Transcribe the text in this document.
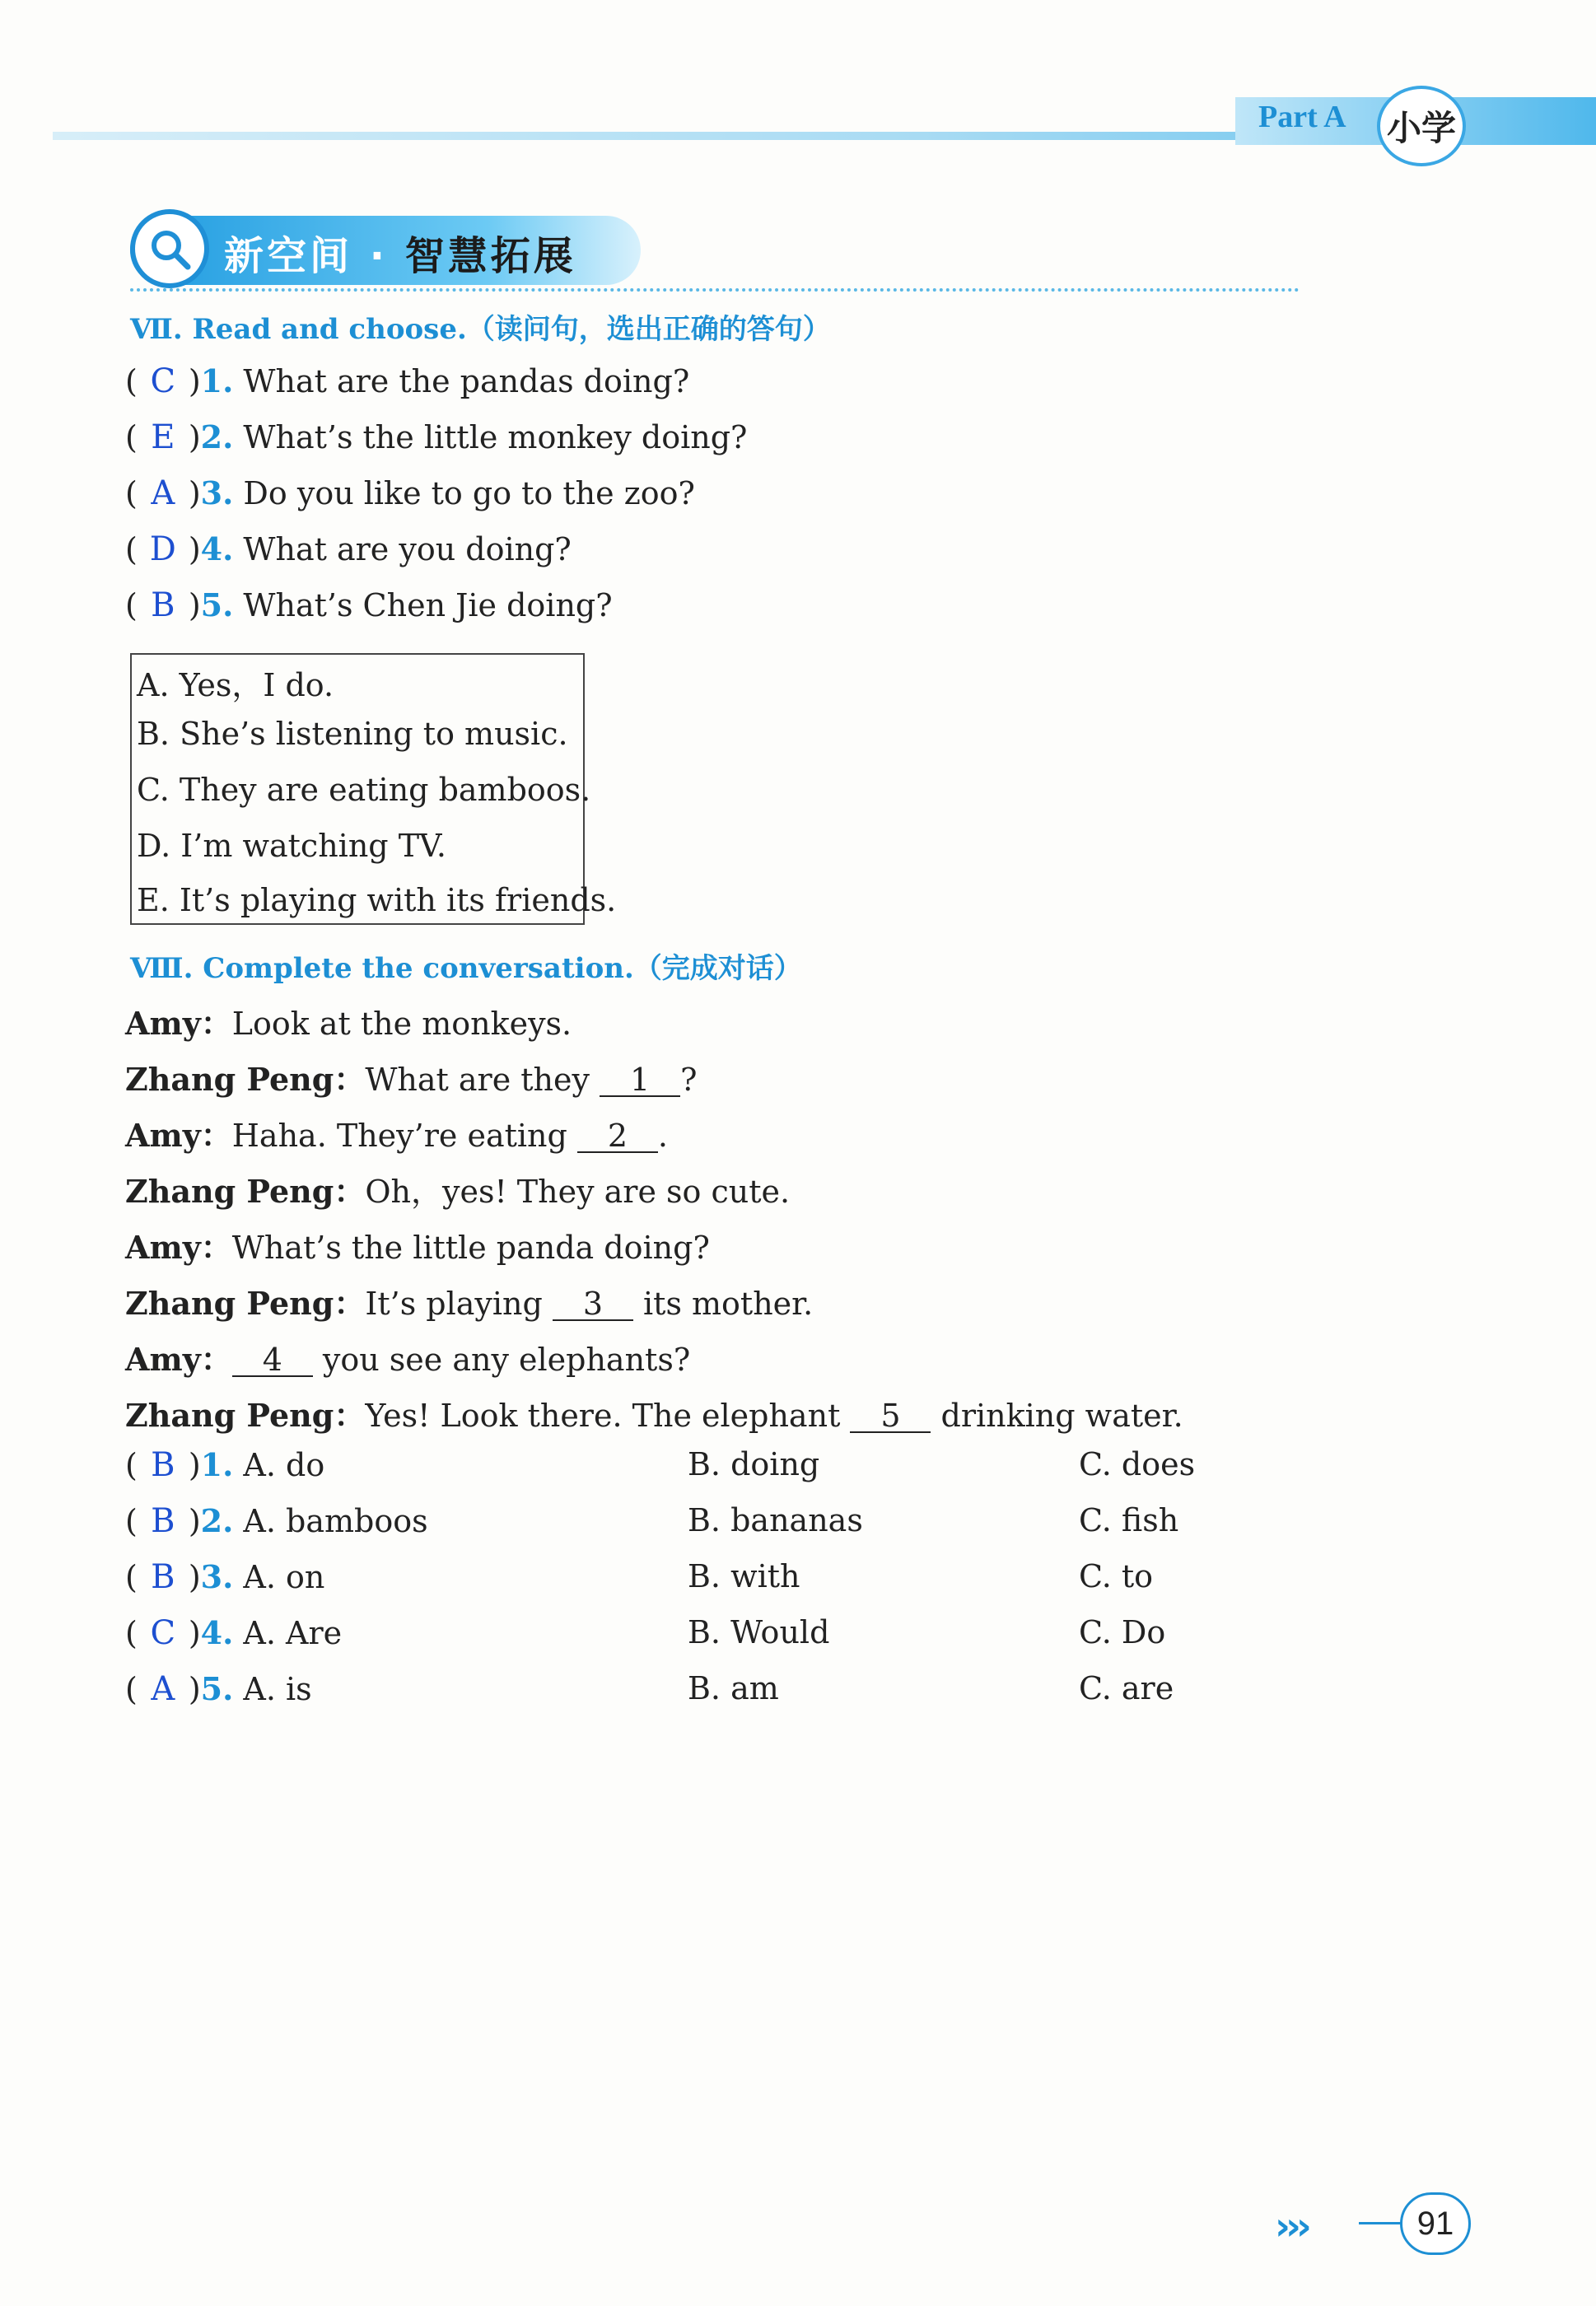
Part A 小学
新空间 · 智慧拓展
Ⅶ. Read and choose.（读问句，选出正确的答句）
( C )1. What are the pandas doing?
( E )2. What’s the little monkey doing?
( A )3. Do you like to go to the zoo?
( D )4. What are you doing?
( B )5. What’s Chen Jie doing?
A. Yes，I do.
B. She’s listening to music.
C. They are eating bamboos.
D. I’m watching TV.
E. It’s playing with its friends.
Ⅷ. Complete the conversation.（完成对话）
Amy：Look at the monkeys.
Zhang Peng：What are they 1 ?
Amy：Haha. They’re eating 2 .
Zhang Peng：Oh，yes! They are so cute.
Amy：What’s the little panda doing?
Zhang Peng：It’s playing 3 its mother.
Amy： 4 you see any elephants?
Zhang Peng：Yes! Look there. The elephant 5 drinking water.
( B )1. A. do	B. doing	C. does
( B )2. A. bamboos	B. bananas	C. fish
( B )3. A. on	B. with	C. to
( C )4. A. Are	B. Would	C. Do
( A )5. A. is	B. am	C. are
›››	91
